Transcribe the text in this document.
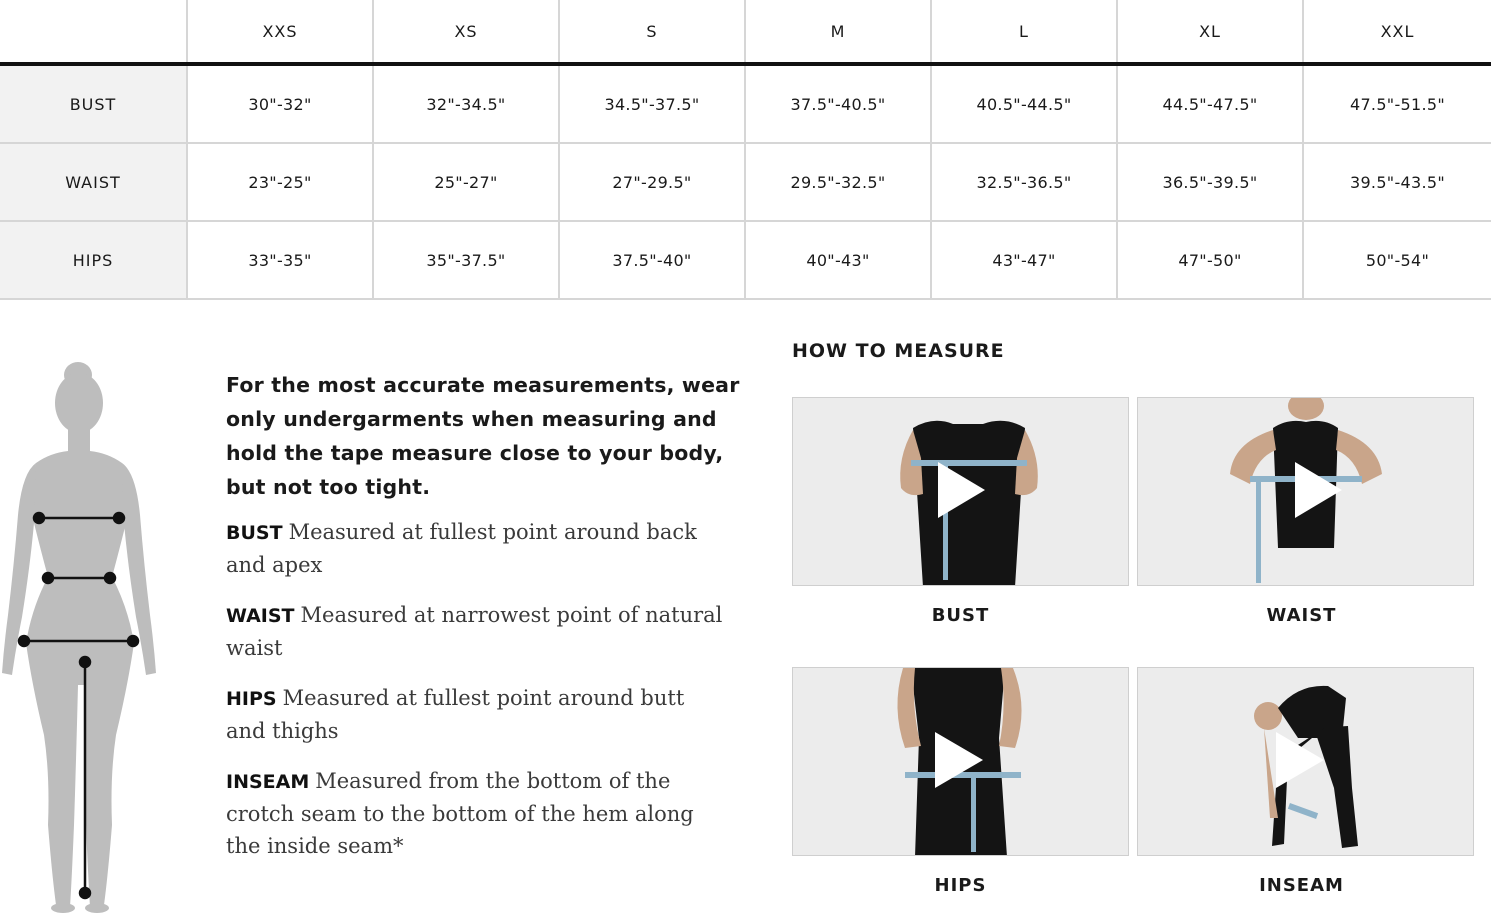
XXS	XS	S	M	L	XL	XXL
BUST	30"-32"	32"-34.5"	34.5"-37.5"	37.5"-40.5"	40.5"-44.5"	44.5"-47.5"	47.5"-51.5"
WAIST	23"-25"	25"-27"	27"-29.5"	29.5"-32.5"	32.5"-36.5"	36.5"-39.5"	39.5"-43.5"
HIPS	33"-35"	35"-37.5"	37.5"-40"	40"-43"	43"-47"	47"-50"	50"-54"

For the most accurate measurements, wear only undergarments when measuring and hold the tape measure close to your body, but not too tight.

BUST Measured at fullest point around back and apex

WAIST Measured at narrowest point of natural waist

HIPS Measured at fullest point around butt and thighs

INSEAM Measured from the bottom of the crotch seam to the bottom of the hem along the inside seam*

HOW TO MEASURE
BUST	WAIST
HIPS	INSEAM
